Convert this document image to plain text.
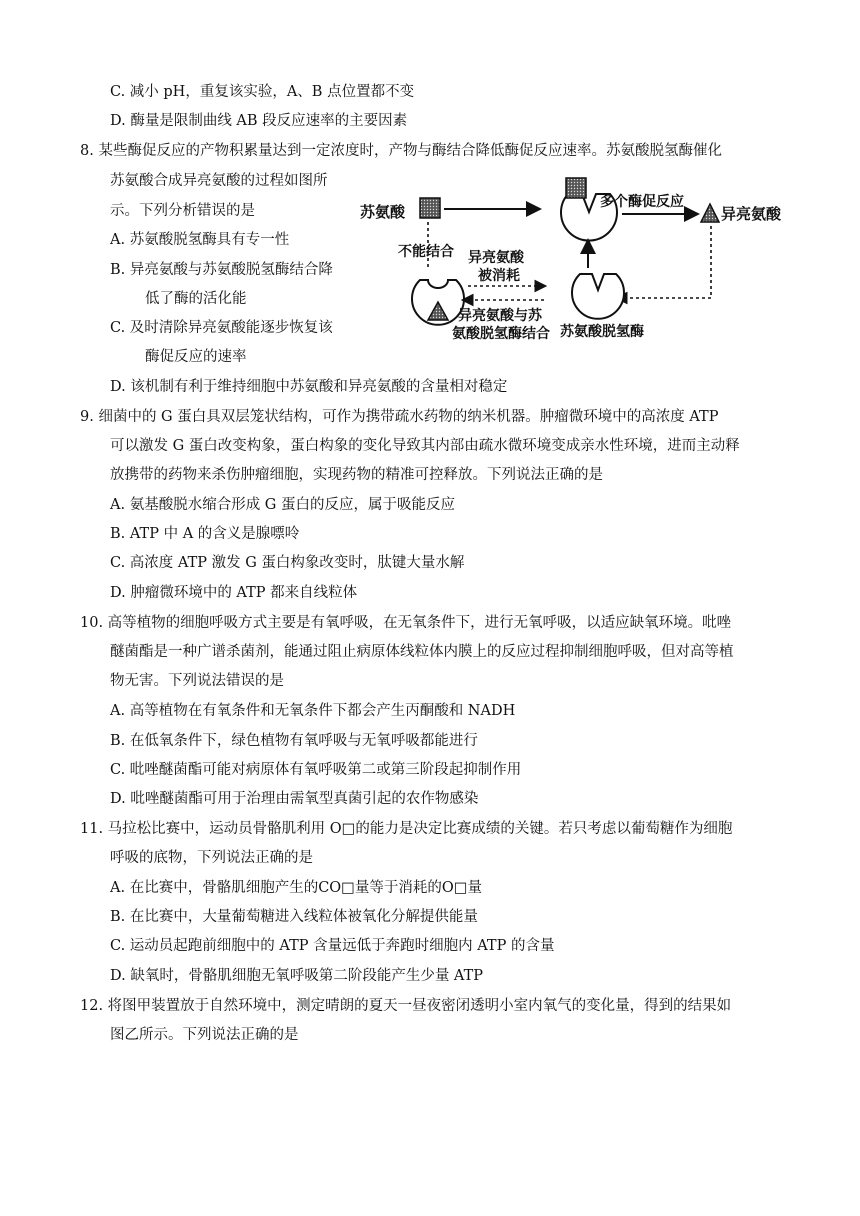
C. 减小 pH，重复该实验，A、B 点位置都不变
D. 酶量是限制曲线 AB 段反应速率的主要因素
8. 某些酶促反应的产物积累量达到一定浓度时，产物与酶结合降低酶促反应速率。苏氨酸脱氢酶催化
苏氨酸合成异亮氨酸的过程如图所
示。下列分析错误的是
A. 苏氨酸脱氢酶具有专一性
B. 异亮氨酸与苏氨酸脱氢酶结合降
低了酶的活化能
C. 及时清除异亮氨酸能逐步恢复该
酶促反应的速率
D. 该机制有利于维持细胞中苏氨酸和异亮氨酸的含量相对稳定
苏氨酸
多个酶促反应
异亮氨酸
苏氨酸脱氢酶
不能结合 异亮氨酸
被消耗
异亮氨酸与苏
氨酸脱氢酶结合
9. 细菌中的 G 蛋白具双层笼状结构，可作为携带疏水药物的纳米机器。肿瘤微环境中的高浓度 ATP
可以激发 G 蛋白改变构象，蛋白构象的变化导致其内部由疏水微环境变成亲水性环境，进而主动释
放携带的药物来杀伤肿瘤细胞，实现药物的精准可控释放。下列说法正确的是
A. 氨基酸脱水缩合形成 G 蛋白的反应，属于吸能反应
B. ATP 中 A 的含义是腺嘌呤
C. 高浓度 ATP 激发 G 蛋白构象改变时，肽键大量水解
D. 肿瘤微环境中的 ATP 都来自线粒体
10. 高等植物的细胞呼吸方式主要是有氧呼吸，在无氧条件下，进行无氧呼吸，以适应缺氧环境。吡唑
醚菌酯是一种广谱杀菌剂，能通过阻止病原体线粒体内膜上的反应过程抑制细胞呼吸，但对高等植
物无害。下列说法错误的是
A. 高等植物在有氧条件和无氧条件下都会产生丙酮酸和 NADH
B. 在低氧条件下，绿色植物有氧呼吸与无氧呼吸都能进行
C. 吡唑醚菌酯可能对病原体有氧呼吸第二或第三阶段起抑制作用
D. 吡唑醚菌酯可用于治理由需氧型真菌引起的农作物感染
11. 马拉松比赛中，运动员骨骼肌利用 O□的能力是决定比赛成绩的关键。若只考虑以葡萄糖作为细胞
呼吸的底物，下列说法正确的是
A. 在比赛中，骨骼肌细胞产生的CO□量等于消耗的O□量
B. 在比赛中，大量葡萄糖进入线粒体被氧化分解提供能量
C. 运动员起跑前细胞中的 ATP 含量远低于奔跑时细胞内 ATP 的含量
D. 缺氧时，骨骼肌细胞无氧呼吸第二阶段能产生少量 ATP
12. 将图甲装置放于自然环境中，测定晴朗的夏天一昼夜密闭透明小室内氧气的变化量，得到的结果如
图乙所示。下列说法正确的是
